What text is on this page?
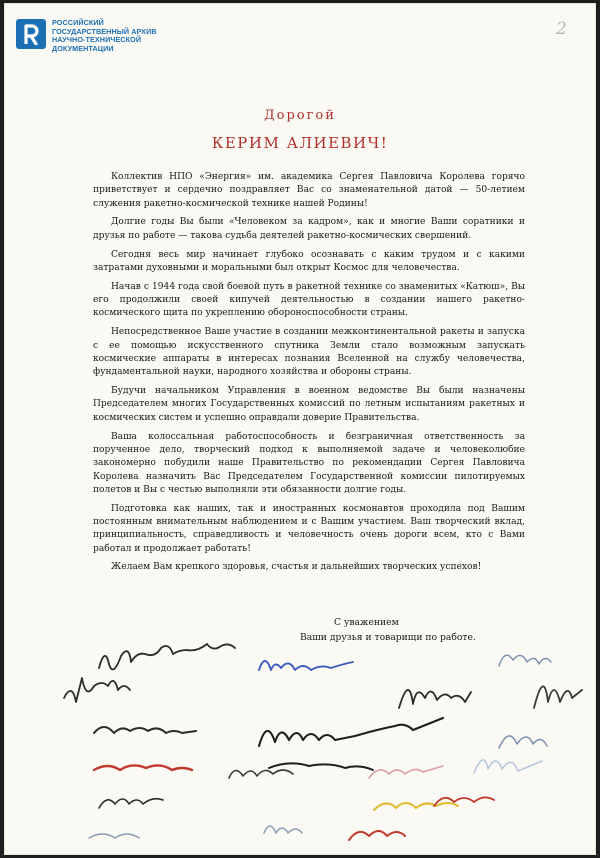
РОССИЙСКИЙ
ГОСУДАРСТВЕННЫЙ АРХИВ
НАУЧНО-ТЕХНИЧЕСКОЙ
ДОКУМЕНТАЦИИ
2
Дорогой
КЕРИМ АЛИЕВИЧ!

Коллектив НПО «Энергия» им. академика Сергея Павловича Королева горячо приветствует и сердечно поздравляет Вас со знаменательной датой — 50-летием служения ракетно-космической технике нашей Родины!

Долгие годы Вы были «Человеком за кадром», как и многие Ваши соратники и друзья по работе — такова судьба деятелей ракетно-космических свершений.

Сегодня весь мир начинает глубоко осознавать с каким трудом и с какими затратами духовными и моральными был открыт Космос для человечества.

Начав с 1944 года свой боевой путь в ракетной технике со знаменитых «Катюш», Вы его продолжили своей кипучей деятельностью в создании нашего ракетно-космического щита по укреплению обороноспособности страны.

Непосредственное Ваше участие в создании межконтинентальной ракеты и запуска с ее помощью искусственного спутника Земли стало возможным запускать космические аппараты в интересах познания Вселенной на службу человечества, фундаментальной науки, народного хозяйства и обороны страны.

Будучи начальником Управления в военном ведомстве Вы были назначены Председателем многих Государственных комиссий по летным испытаниям ракетных и космических систем и успешно оправдали доверие Правительства.

Ваша колоссальная работоспособность и безграничная ответственность за порученное дело, творческий подход к выполняемой задаче и человеколюбие закономерно побудили наше Правительство по рекомендации Сергея Павловича Королева назначить Вас Председателем Государственной комиссии пилотируемых полетов и Вы с честью выполняли эти обязанности долгие годы.

Подготовка как наших, так и иностранных космонавтов проходила под Вашим постоянным внимательным наблюдением и с Вашим участием. Ваш творческий вклад, принципиальность, справедливость и человечность очень дороги всем, кто с Вами работал и продолжает работать!

Желаем Вам крепкого здоровья, счастья и дальнейших творческих успехов!

С уважением
Ваши друзья и товарищи по работе.
